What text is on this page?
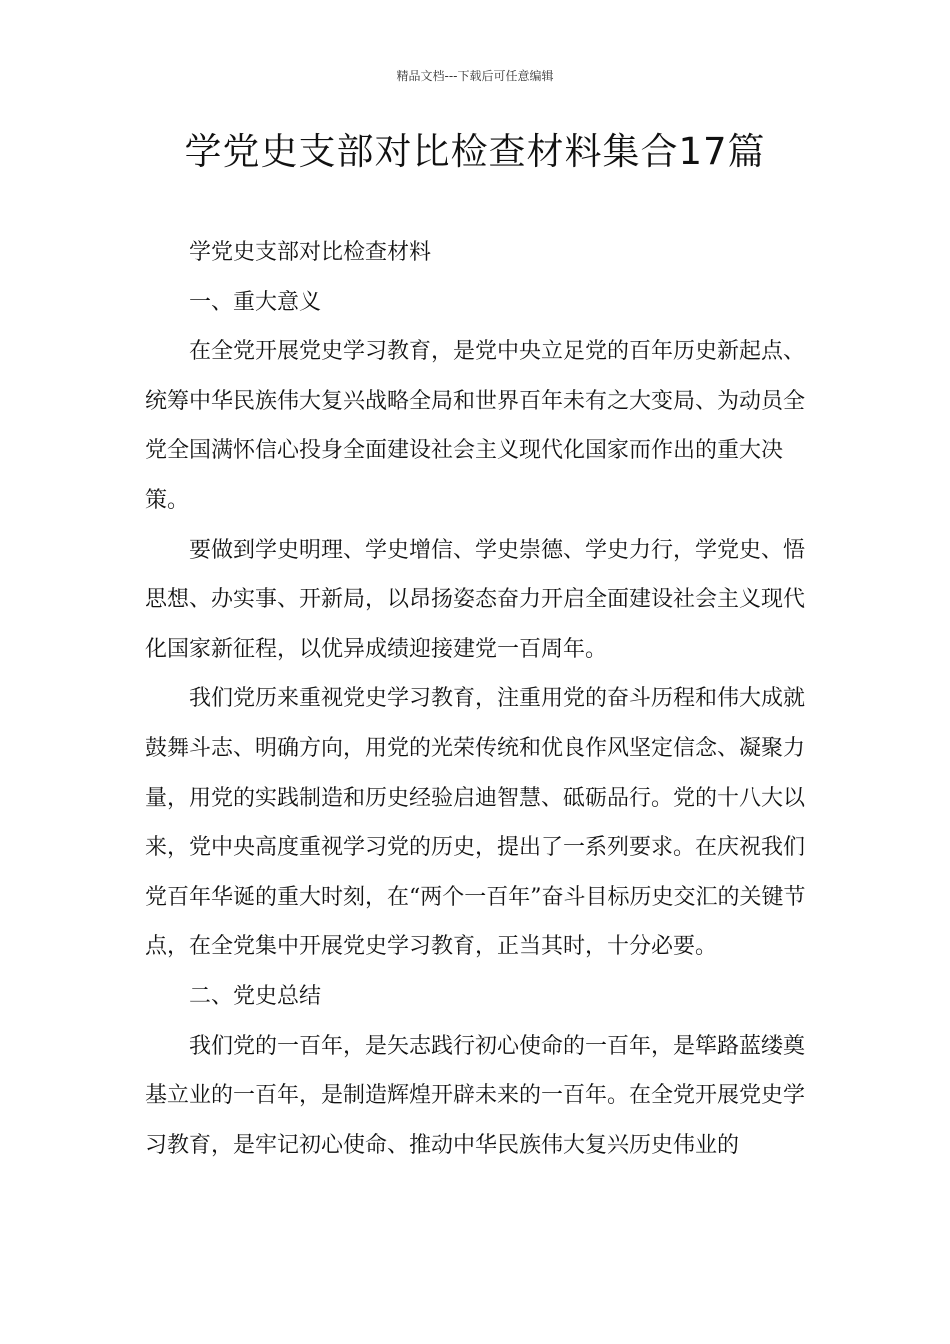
精品文档---下载后可任意编辑
学党史支部对比检查材料集合17篇

学党史支部对比检查材料

一、重大意义

在全党开展党史学习教育，是党中央立足党的百年历史新起点、统筹中华民族伟大复兴战略全局和世界百年未有之大变局、为动员全党全国满怀信心投身全面建设社会主义现代化国家而作出的重大决策。

要做到学史明理、学史增信、学史崇德、学史力行，学党史、悟思想、办实事、开新局，以昂扬姿态奋力开启全面建设社会主义现代化国家新征程，以优异成绩迎接建党一百周年。

我们党历来重视党史学习教育，注重用党的奋斗历程和伟大成就鼓舞斗志、明确方向，用党的光荣传统和优良作风坚定信念、凝聚力量，用党的实践制造和历史经验启迪智慧、砥砺品行。党的十八大以来，党中央高度重视学习党的历史，提出了一系列要求。在庆祝我们党百年华诞的重大时刻，在“两个一百年”奋斗目标历史交汇的关键节点，在全党集中开展党史学习教育，正当其时，十分必要。

二、党史总结

我们党的一百年，是矢志践行初心使命的一百年，是筚路蓝缕奠基立业的一百年，是制造辉煌开辟未来的一百年。在全党开展党史学习教育，是牢记初心使命、推动中华民族伟大复兴历史伟业的
